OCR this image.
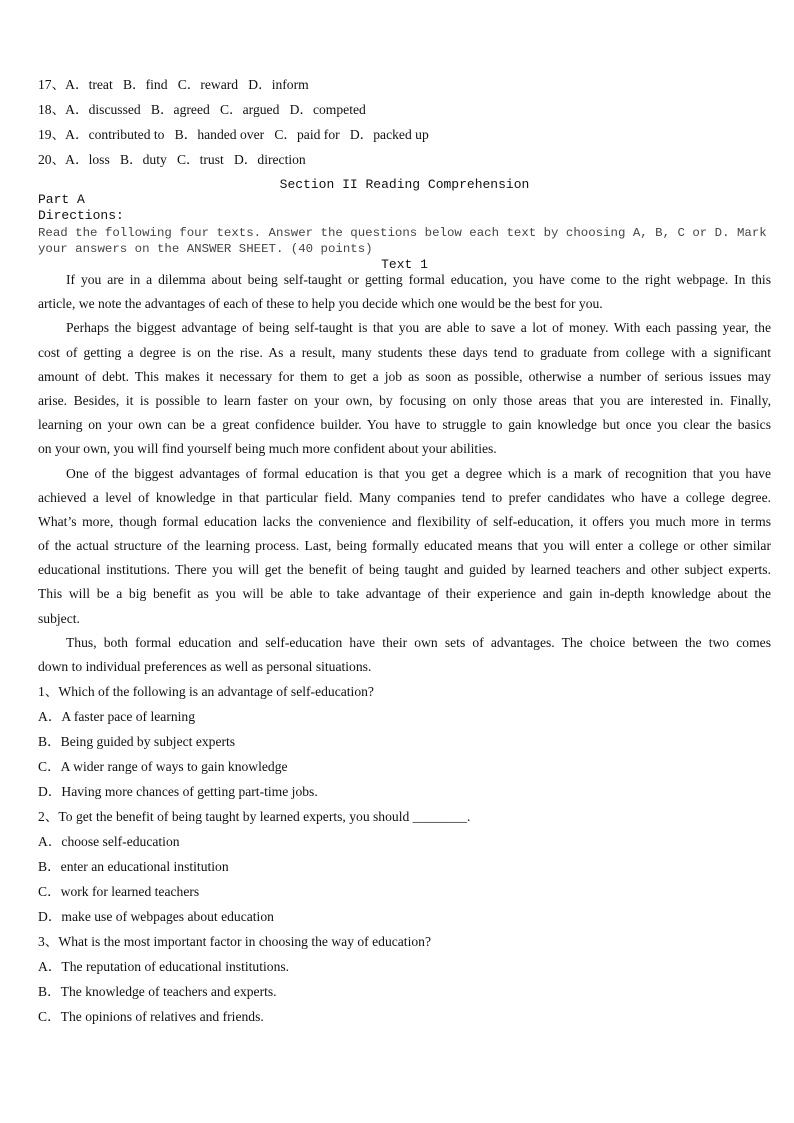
17、A．treat   B．find   C．reward   D．inform
18、A．discussed   B．agreed   C．argued   D．competed
19、A．contributed to   B．handed over   C．paid for   D．packed up
20、A．loss   B．duty   C．trust   D．direction
Section II Reading Comprehension
Part A
Directions:
Read the following four texts. Answer the questions below each text by choosing A, B, C or D. Mark
your answers on the ANSWER SHEET. (40 points)
Text 1
If you are in a dilemma about being self-taught or getting formal education, you have come to the right webpage. In this
article, we note the advantages of each of these to help you decide which one would be the best for you.
Perhaps the biggest advantage of being self-taught is that you are able to save a lot of money. With each passing year, the
cost of getting a degree is on the rise. As a result, many students these days tend to graduate from college with a significant
amount of debt. This makes it necessary for them to get a job as soon as possible, otherwise a number of serious issues may
arise. Besides, it is possible to learn faster on your own, by focusing on only those areas that you are interested in. Finally,
learning on your own can be a great confidence builder. You have to struggle to gain knowledge but once you clear the basics
on your own, you will find yourself being much more confident about your abilities.
One of the biggest advantages of formal education is that you get a degree which is a mark of recognition that you have
achieved a level of knowledge in that particular field. Many companies tend to prefer candidates who have a college degree.
What’s more, though formal education lacks the convenience and flexibility of self-education, it offers you much more in terms
of the actual structure of the learning process. Last, being formally educated means that you will enter a college or other similar
educational institutions. There you will get the benefit of being taught and guided by learned teachers and other subject experts.
This will be a big benefit as you will be able to take advantage of their experience and gain in-depth knowledge about the
subject.
Thus, both formal education and self-education have their own sets of advantages. The choice between the two comes
down to individual preferences as well as personal situations.
1、Which of the following is an advantage of self-education?
A．A faster pace of learning
B．Being guided by subject experts
C．A wider range of ways to gain knowledge
D．Having more chances of getting part-time jobs.
2、To get the benefit of being taught by learned experts, you should ________.
A．choose self-education
B．enter an educational institution
C．work for learned teachers
D．make use of webpages about education
3、What is the most important factor in choosing the way of education?
A．The reputation of educational institutions.
B．The knowledge of teachers and experts.
C．The opinions of relatives and friends.
